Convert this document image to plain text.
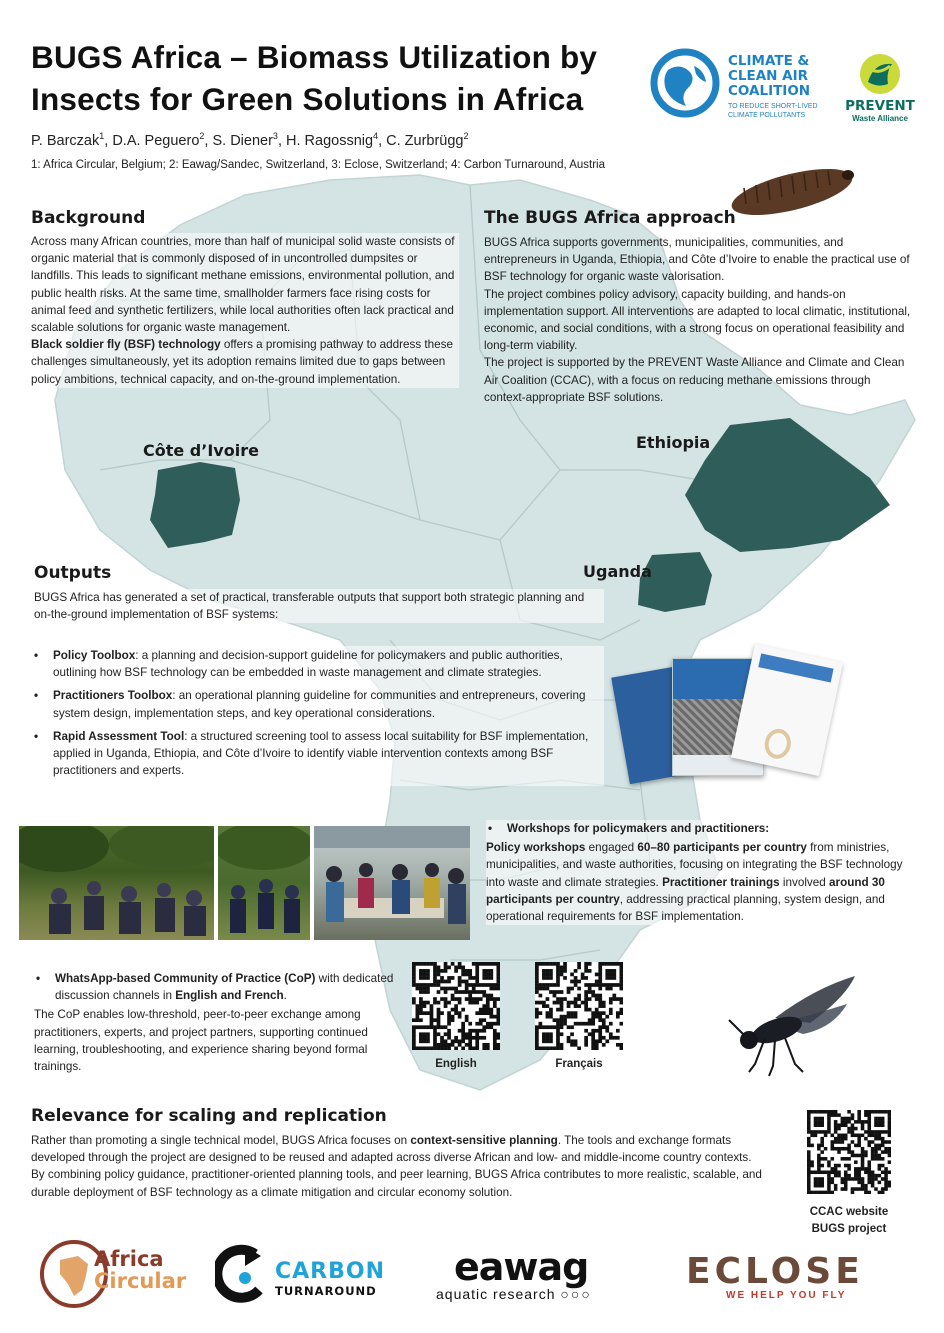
BUGS Africa – Biomass Utilization by
Insects for Green Solutions in Africa
CLIMATE &
CLEAN AIR
COALITION
TO REDUCE SHORT-LIVED
CLIMATE POLLUTANTS
PREVENT
Waste Alliance
P. Barczak$^1$, D.A. Peguero$^2$, S. Diener$^3$, H. Ragossnig$^4$, C. Zurbrügg$^2$
1: Africa Circular, Belgium; 2: Eawag/Sandec, Switzerland, 3: Eclose, Switzerland; 4: Carbon Turnaround, Austria
Background

Across many African countries, more than half of municipal solid waste consists of organic material that is commonly disposed of in uncontrolled dumpsites or landfills. This leads to significant methane emissions, environmental pollution, and public health risks. At the same time, smallholder farmers face rising costs for animal feed and synthetic fertilizers, while local authorities often lack practical and scalable solutions for organic waste management.

Black soldier fly (BSF) technology offers a promising pathway to address these challenges simultaneously, yet its adoption remains limited due to gaps between policy ambitions, technical capacity, and on-the-ground implementation.

The BUGS Africa approach

BUGS Africa supports governments, municipalities, communities, and entrepreneurs in Uganda, Ethiopia, and Côte d’Ivoire to enable the practical use of BSF technology for organic waste valorisation.

The project combines policy advisory, capacity building, and hands-on implementation support. All interventions are adapted to local climatic, institutional, economic, and social conditions, with a strong focus on operational feasibility and long-term viability.

The project is supported by the PREVENT Waste Alliance and Climate and Clean Air Coalition (CCAC), with a focus on reducing methane emissions through context-appropriate BSF solutions.

Côte d’Ivoire	Ethiopia
Uganda
Outputs
BUGS Africa has generated a set of practical, transferable outputs that support both strategic planning and on-the-ground implementation of BSF systems:
• Policy Toolbox: a planning and decision-support guideline for policymakers and public authorities, outlining how BSF technology can be embedded in waste management and climate strategies.
• Practitioners Toolbox: an operational planning guideline for communities and entrepreneurs, covering system design, implementation steps, and key operational considerations.
• Rapid Assessment Tool: a structured screening tool to assess local suitability for BSF implementation, applied in Uganda, Ethiopia, and Côte d’Ivoire to identify viable intervention contexts among BSF practitioners and experts.
• Workshops for policymakers and practitioners:

Policy workshops engaged 60–80 participants per country from ministries, municipalities, and waste authorities, focusing on integrating the BSF technology into waste and climate strategies. Practitioner trainings involved around 30 participants per country, addressing practical planning, system design, and operational requirements for BSF implementation.

• WhatsApp-based Community of Practice (CoP) with dedicated discussion channels in English and French.

The CoP enables low-threshold, peer-to-peer exchange among practitioners, experts, and project partners, supporting continued learning, troubleshooting, and experience sharing beyond formal trainings.	English	Français
Relevance for scaling and replication

Rather than promoting a single technical model, BUGS Africa focuses on context-sensitive planning. The tools and exchange formats developed through the project are designed to be reused and adapted across diverse African and low- and middle-income country contexts.

By combining policy guidance, practitioner-oriented planning tools, and peer learning, BUGS Africa contributes to more realistic, scalable, and durable deployment of BSF technology as a climate mitigation and circular economy solution.

CCAC website
BUGS project
Africa
Circular	CARBON
TURNAROUND
eawag
aquatic research ○○○
ECLOSE
WE HELP YOU FLY
